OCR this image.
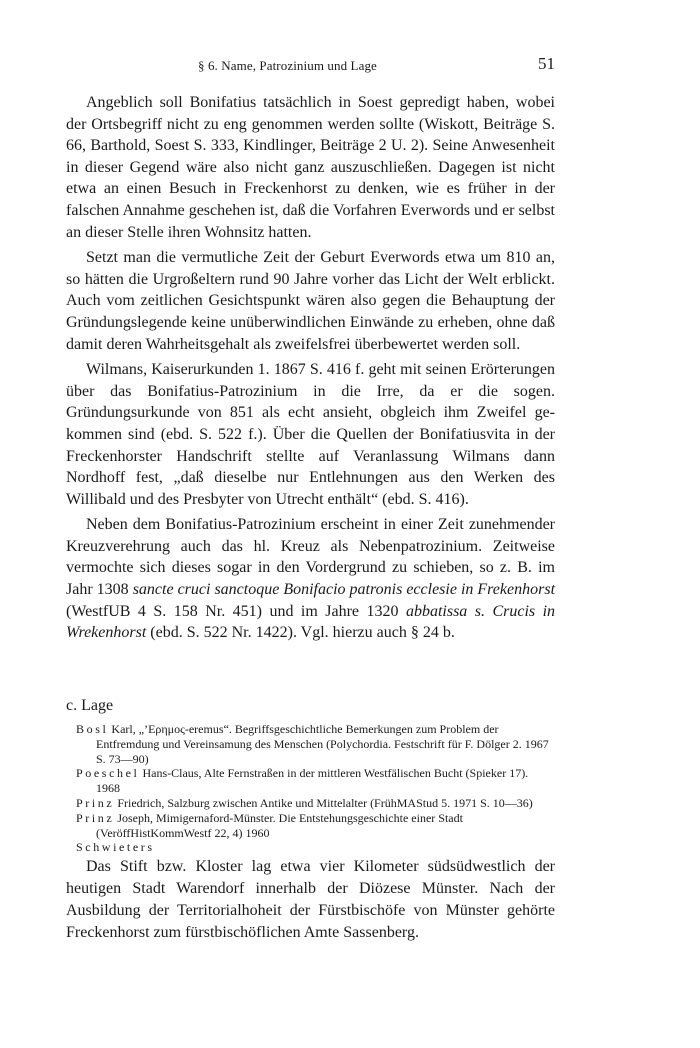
§ 6. Name, Patrozinium und Lage	51

Angeblich soll Bonifatius tatsächlich in Soest gepredigt haben, wobei der Ortsbegriff nicht zu eng genommen werden sollte (Wiskott, Beiträge S. 66, Barthold, Soest S. 333, Kindlinger, Beiträge 2 U. 2). Seine Anwesenheit in dieser Gegend wäre also nicht ganz auszuschließen. Dagegen ist nicht etwa an einen Besuch in Freckenhorst zu denken, wie es früher in der falschen Annahme geschehen ist, daß die Vorfahren Everwords und er selbst an dieser Stelle ihren Wohnsitz hatten.

Setzt man die vermutliche Zeit der Geburt Everwords etwa um 810 an, so hätten die Urgroßeltern rund 90 Jahre vorher das Licht der Welt erblickt. Auch vom zeitlichen Gesichtspunkt wären also gegen die Behauptung der Gründungslegende keine unüberwindlichen Einwände zu erheben, ohne daß damit deren Wahrheitsgehalt als zweifelsfrei überbewertet werden soll.

Wilmans, Kaiserurkunden 1. 1867 S. 416 f. geht mit seinen Erörterungen über das Bonifatius-Patrozinium in die Irre, da er die sogen. Gründungsurkunde von 851 als echt ansieht, obgleich ihm Zweifel gekommen sind (ebd. S. 522 f.). Über die Quellen der Bonifatiusvita in der Freckenhorster Handschrift stellte auf Veranlassung Wilmans dann Nordhoff fest, „daß dieselbe nur Entlehnungen aus den Werken des Willibald und des Presbyter von Utrecht enthält“ (ebd. S. 416).

Neben dem Bonifatius-Patrozinium erscheint in einer Zeit zunehmender Kreuzverehrung auch das hl. Kreuz als Nebenpatrozinium. Zeitweise vermochte sich dieses sogar in den Vordergrund zu schieben, so z. B. im Jahr 1308 sancte cruci sanctoque Bonifacio patronis ecclesie in Frekenhorst (WestfUB 4 S. 158 Nr. 451) und im Jahre 1320 abbatissa s. Crucis in Wrekenhorst (ebd. S. 522 Nr. 1422). Vgl. hierzu auch § 24 b.

c. Lage
Bosl Karl, „’Ερημος-eremus“. Begriffsgeschichtliche Bemerkungen zum Problem der Entfremdung und Vereinsamung des Menschen (Polychordia. Festschrift für F. Dölger 2. 1967 S. 73—90)
Poeschel Hans-Claus, Alte Fernstraßen in der mittleren Westfälischen Bucht (Spieker 17). 1968
Prinz Friedrich, Salzburg zwischen Antike und Mittelalter (FrühMAStud 5. 1971 S. 10—36)
Prinz Joseph, Mimigernaford-Münster. Die Entstehungsgeschichte einer Stadt (VeröffHistKommWestf 22, 4) 1960
Schwieters

Das Stift bzw. Kloster lag etwa vier Kilometer südsüdwestlich der heutigen Stadt Warendorf innerhalb der Diözese Münster. Nach der Ausbildung der Territorialhoheit der Fürstbischöfe von Münster gehörte Freckenhorst zum fürstbischöflichen Amte Sassenberg.
